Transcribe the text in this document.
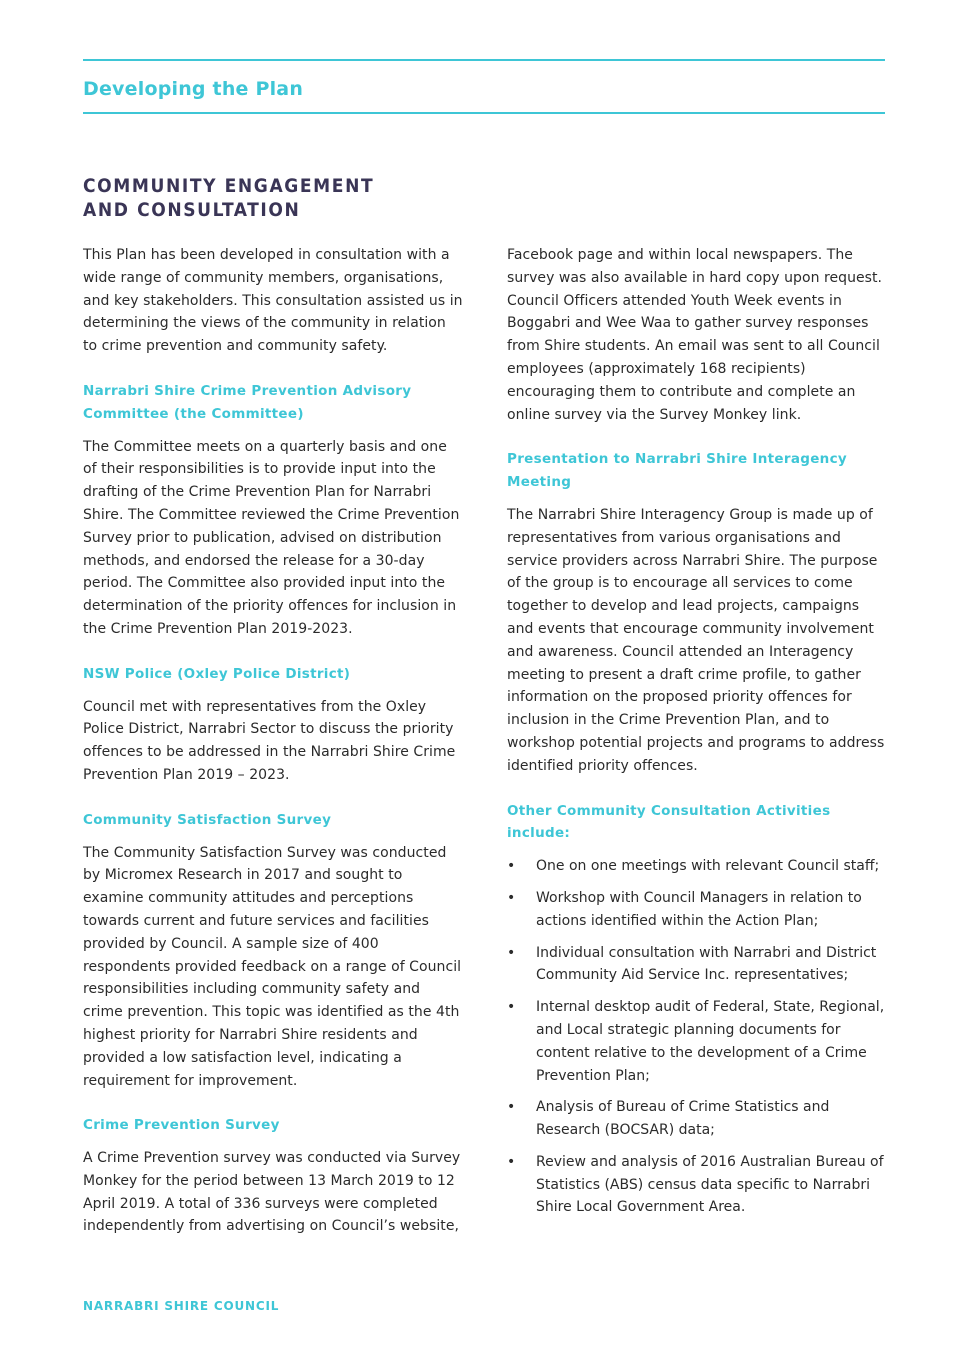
Developing the Plan
COMMUNITY ENGAGEMENT
AND CONSULTATION

This Plan has been developed in consultation with a wide range of community members, organisations, and key stakeholders. This consultation assisted us in determining the views of the community in relation to crime prevention and community safety.

Narrabri Shire Crime Prevention Advisory
Committee (the Committee)

The Committee meets on a quarterly basis and one of their responsibilities is to provide input into the drafting of the Crime Prevention Plan for Narrabri Shire. The Committee reviewed the Crime Prevention Survey prior to publication, advised on distribution methods, and endorsed the release for a 30-day period. The Committee also provided input into the determination of the priority offences for inclusion in the Crime Prevention Plan 2019-2023.

NSW Police (Oxley Police District)

Council met with representatives from the Oxley Police District, Narrabri Sector to discuss the priority offences to be addressed in the Narrabri Shire Crime Prevention Plan 2019 – 2023.

Community Satisfaction Survey

The Community Satisfaction Survey was conducted by Micromex Research in 2017 and sought to examine community attitudes and perceptions towards current and future services and facilities provided by Council. A sample size of 400 respondents provided feedback on a range of Council responsibilities including community safety and crime prevention. This topic was identified as the 4th highest priority for Narrabri Shire residents and provided a low satisfaction level, indicating a requirement for improvement.

Crime Prevention Survey

A Crime Prevention survey was conducted via Survey Monkey for the period between 13 March 2019 to 12 April 2019. A total of 336 surveys were completed independently from advertising on Council’s website,

Facebook page and within local newspapers. The survey was also available in hard copy upon request. Council Officers attended Youth Week events in Boggabri and Wee Waa to gather survey responses from Shire students. An email was sent to all Council employees (approximately 168 recipients) encouraging them to contribute and complete an online survey via the Survey Monkey link.

Presentation to Narrabri Shire Interagency Meeting

The Narrabri Shire Interagency Group is made up of representatives from various organisations and service providers across Narrabri Shire. The purpose of the group is to encourage all services to come together to develop and lead projects, campaigns and events that encourage community involvement and awareness. Council attended an Interagency meeting to present a draft crime profile, to gather information on the proposed priority offences for inclusion in the Crime Prevention Plan, and to workshop potential projects and programs to address identified priority offences.

Other Community Consultation Activities include:
• One on one meetings with relevant Council staff;
• Workshop with Council Managers in relation to actions identified within the Action Plan;
• Individual consultation with Narrabri and District Community Aid Service Inc. representatives;
• Internal desktop audit of Federal, State, Regional, and Local strategic planning documents for content relative to the development of a Crime Prevention Plan;
• Analysis of Bureau of Crime Statistics and Research (BOCSAR) data;
• Review and analysis of 2016 Australian Bureau of Statistics (ABS) census data specific to Narrabri Shire Local Government Area.
NARRABRI SHIRE COUNCIL
